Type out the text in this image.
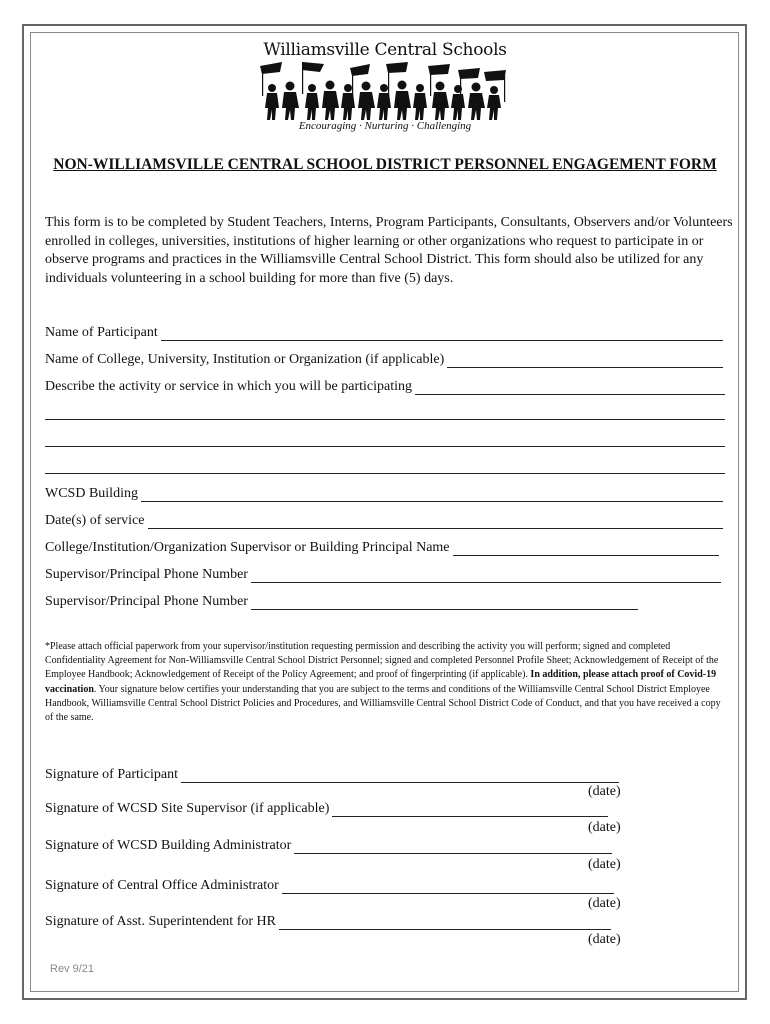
Williamsville Central Schools
Encouraging · Nurturing · Challenging
NON-WILLIAMSVILLE CENTRAL SCHOOL DISTRICT PERSONNEL ENGAGEMENT FORM
This form is to be completed by Student Teachers, Interns, Program Participants, Consultants, Observers and/or Volunteers enrolled in colleges, universities, institutions of higher learning or other organizations who request to participate in or observe programs and practices in the Williamsville Central School District. This form should also be utilized for any individuals volunteering in a school building for more than five (5) days.
Name of Participant
Name of College, University, Institution or Organization (if applicable)
Describe the activity or service in which you will be participating
WCSD Building
Date(s) of service
College/Institution/Organization Supervisor or Building Principal Name
Supervisor/Principal Phone Number
Supervisor/Principal Phone Number
*Please attach official paperwork from your supervisor/institution requesting permission and describing the activity you will perform; signed and completed Confidentiality Agreement for Non-Williamsville Central School District Personnel; signed and completed Personnel Profile Sheet; Acknowledgement of Receipt of the Employee Handbook; Acknowledgement of Receipt of the Policy Agreement; and proof of fingerprinting (if applicable). In addition, please attach proof of Covid-19 vaccination. Your signature below certifies your understanding that you are subject to the terms and conditions of the Williamsville Central School District Employee Handbook, Williamsville Central School District Policies and Procedures, and Williamsville Central School District Code of Conduct, and that you have received a copy of the same.
Signature of Participant
(date)
Signature of WCSD Site Supervisor (if applicable)
(date)
Signature of WCSD Building Administrator
(date)
Signature of Central Office Administrator
(date)
Signature of Asst. Superintendent for HR
(date)
Rev 9/21
